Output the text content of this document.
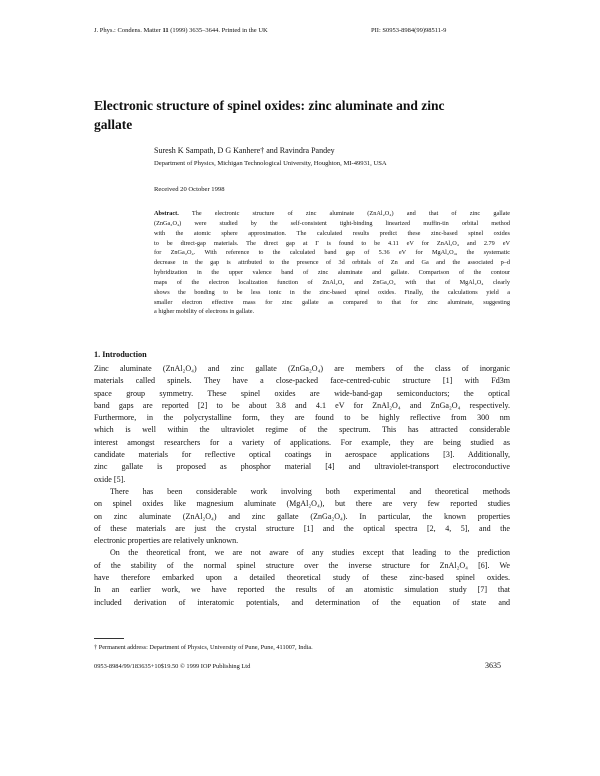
J. Phys.: Condens. Matter 11 (1999) 3635–3644. Printed in the UK	PII: S0953-8984(99)98511-9
Electronic structure of spinel oxides: zinc aluminate and zinc gallate
Suresh K Sampath, D G Kanhere† and Ravindra Pandey
Department of Physics, Michigan Technological University, Houghton, MI-49931, USA
Received 20 October 1998
Abstract. The electronic structure of zinc aluminate (ZnAl₂O₄) and that of zinc gallate
(ZnGa₂O₄) were studied by the self-consistent tight-binding linearized muffin-tin orbital method
with the atomic sphere approximation. The calculated results predict these zinc-based spinel oxides
to be direct-gap materials. The direct gap at Γ is found to be 4.11 eV for ZnAl₂O₄ and 2.79 eV
for ZnGa₂O₄. With reference to the calculated band gap of 5.36 eV for MgAl₂O₄, the systematic
decrease in the gap is attributed to the presence of 3d orbitals of Zn and Ga and the associated p–d
hybridization in the upper valence band of zinc aluminate and gallate. Comparison of the contour
maps of the electron localization function of ZnAl₂O₄ and ZnGa₂O₄ with that of MgAl₂O₄ clearly
shows the bonding to be less ionic in the zinc-based spinel oxides. Finally, the calculations yield a
smaller electron effective mass for zinc gallate as compared to that for zinc aluminate, suggesting
a higher mobility of electrons in gallate.
1. Introduction
Zinc aluminate (ZnAl₂O₄) and zinc gallate (ZnGa₂O₄) are members of the class of inorganic
materials called spinels. They have a close-packed face-centred-cubic structure [1] with Fd3m
space group symmetry. These spinel oxides are wide-band-gap semiconductors; the optical
band gaps are reported [2] to be about 3.8 and 4.1 eV for ZnAl₂O₄ and ZnGa₂O₄ respectively.
Furthermore, in the polycrystalline form, they are found to be highly reflective from 300 nm
which is well within the ultraviolet regime of the spectrum. This has attracted considerable
interest amongst researchers for a variety of applications. For example, they are being studied as
candidate materials for reflective optical coatings in aerospace applications [3]. Additionally,
zinc gallate is proposed as phosphor material [4] and ultraviolet-transport electroconductive
oxide [5].
There has been considerable work involving both experimental and theoretical methods
on spinel oxides like magnesium aluminate (MgAl₂O₄), but there are very few reported studies
on zinc aluminate (ZnAl₂O₄) and zinc gallate (ZnGa₂O₄). In particular, the known properties
of these materials are just the crystal structure [1] and the optical spectra [2, 4, 5], and the
electronic properties are relatively unknown.
On the theoretical front, we are not aware of any studies except that leading to the prediction
of the stability of the normal spinel structure over the inverse structure for ZnAl₂O₄ [6]. We
have therefore embarked upon a detailed theoretical study of these zinc-based spinel oxides.
In an earlier work, we have reported the results of an atomistic simulation study [7] that
included derivation of interatomic potentials, and determination of the equation of state and
† Permanent address: Department of Physics, University of Pune, Pune, 411007, India.
0953-8984/99/183635+10$19.50 © 1999 IOP Publishing Ltd	3635
